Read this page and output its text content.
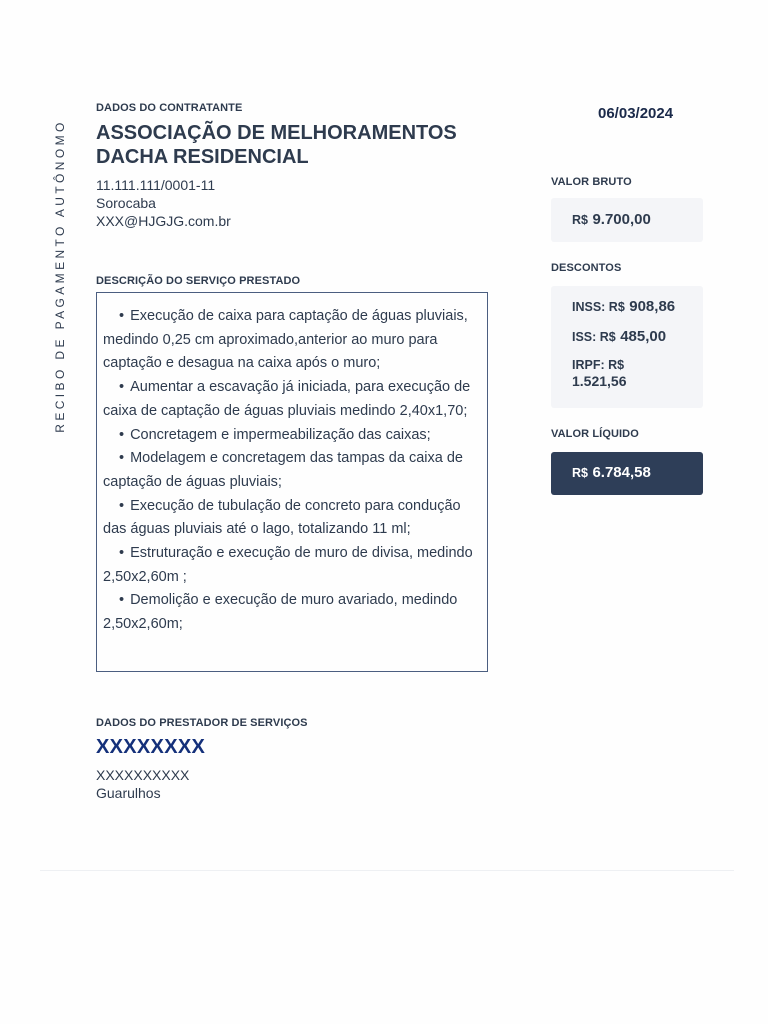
RECIBO DE PAGAMENTO AUTÔNOMO
DADOS DO CONTRATANTE
ASSOCIAÇÃO DE MELHORAMENTOS
DACHA RESIDENCIAL
11.111.111/0001-11
Sorocaba
XXX@HJGJG.com.br
06/03/2024
DESCRIÇÃO DO SERVIÇO PRESTADO
• Execução de caixa para captação de águas pluviais, medindo 0,25 cm aproximado,anterior ao muro para captação e desagua na caixa após o muro;
• Aumentar a escavação já iniciada, para execução de caixa de captação de águas pluviais medindo 2,40x1,70;
• Concretagem e impermeabilização das caixas;
• Modelagem e concretagem das tampas da caixa de captação de águas pluviais;
• Execução de tubulação de concreto para condução das águas pluviais até o lago, totalizando 11 ml;
• Estruturação e execução de muro de divisa, medindo 2,50x2,60m ;
• Demolição e execução de muro avariado, medindo 2,50x2,60m;
VALOR BRUTO
R$ 9.700,00
DESCONTOS
INSS: R$ 908,86
ISS: R$ 485,00
IRPF: R$
1.521,56
VALOR LÍQUIDO
R$ 6.784,58
DADOS DO PRESTADOR DE SERVIÇOS
XXXXXXXX
XXXXXXXXXX
Guarulhos
